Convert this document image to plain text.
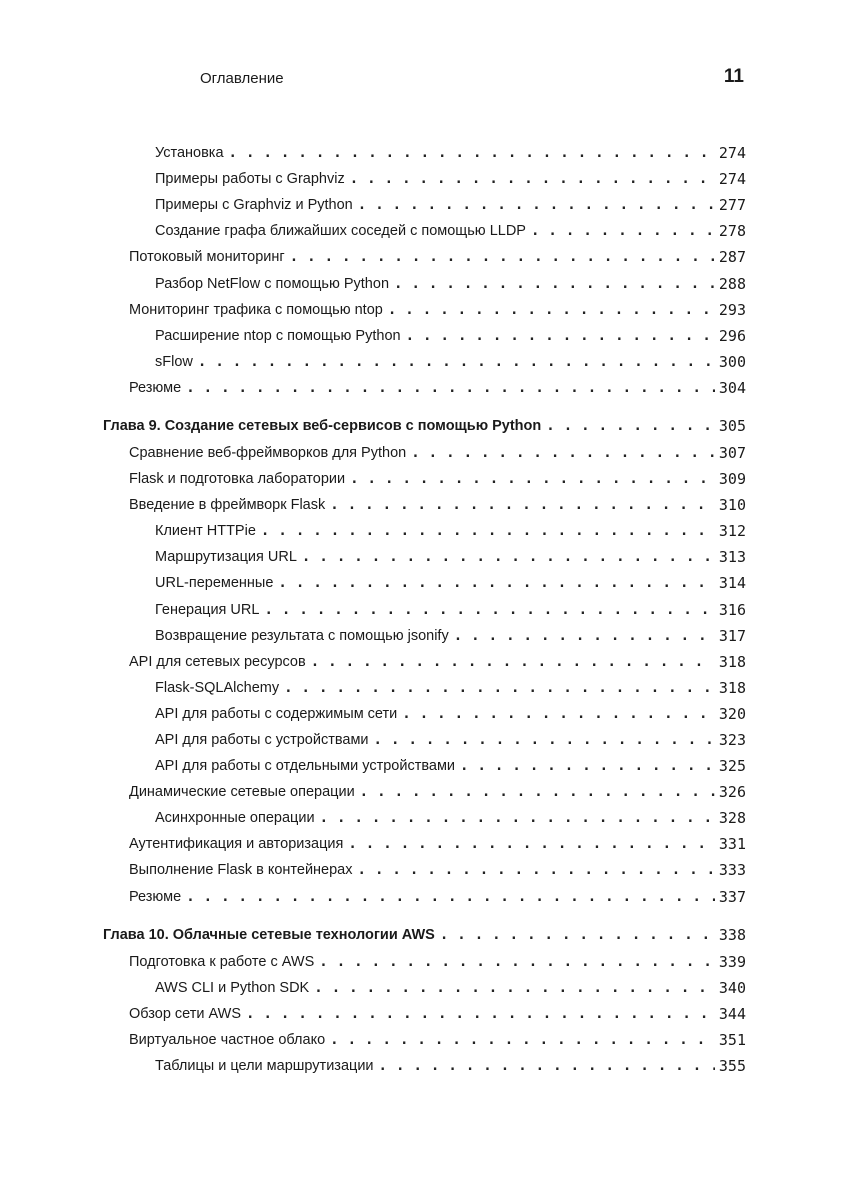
Оглавление	11
Установка . . .	274
Примеры работы с Graphviz . . .	274
Примеры с Graphviz и Python . . .	277
Создание графа ближайших соседей с помощью LLDP . . .	278
Потоковый мониторинг . . .	287
Разбор NetFlow с помощью Python . . .	288
Мониторинг трафика с помощью ntop . . .	293
Расширение ntop с помощью Python . . .	296
sFlow . . .	300
Резюме . . .	304
Глава 9. Создание сетевых веб-сервисов с помощью Python . . .	305
Сравнение веб-фреймворков для Python . . .	307
Flask и подготовка лаборатории . . .	309
Введение в фреймворк Flask . . .	310
Клиент HTTPie . . .	312
Маршрутизация URL . . .	313
URL-переменные . . .	314
Генерация URL . . .	316
Возвращение результата с помощью jsonify . . .	317
API для сетевых ресурсов . . .	318
Flask-SQLAlchemy . . .	318
API для работы с содержимым сети . . .	320
API для работы с устройствами . . .	323
API для работы с отдельными устройствами . . .	325
Динамические сетевые операции . . .	326
Асинхронные операции . . .	328
Аутентификация и авторизация . . .	331
Выполнение Flask в контейнерах . . .	333
Резюме . . .	337
Глава 10. Облачные сетевые технологии AWS . . .	338
Подготовка к работе с AWS . . .	339
AWS CLI и Python SDK . . .	340
Обзор сети AWS . . .	344
Виртуальное частное облако . . .	351
Таблицы и цели маршрутизации . . .	355
